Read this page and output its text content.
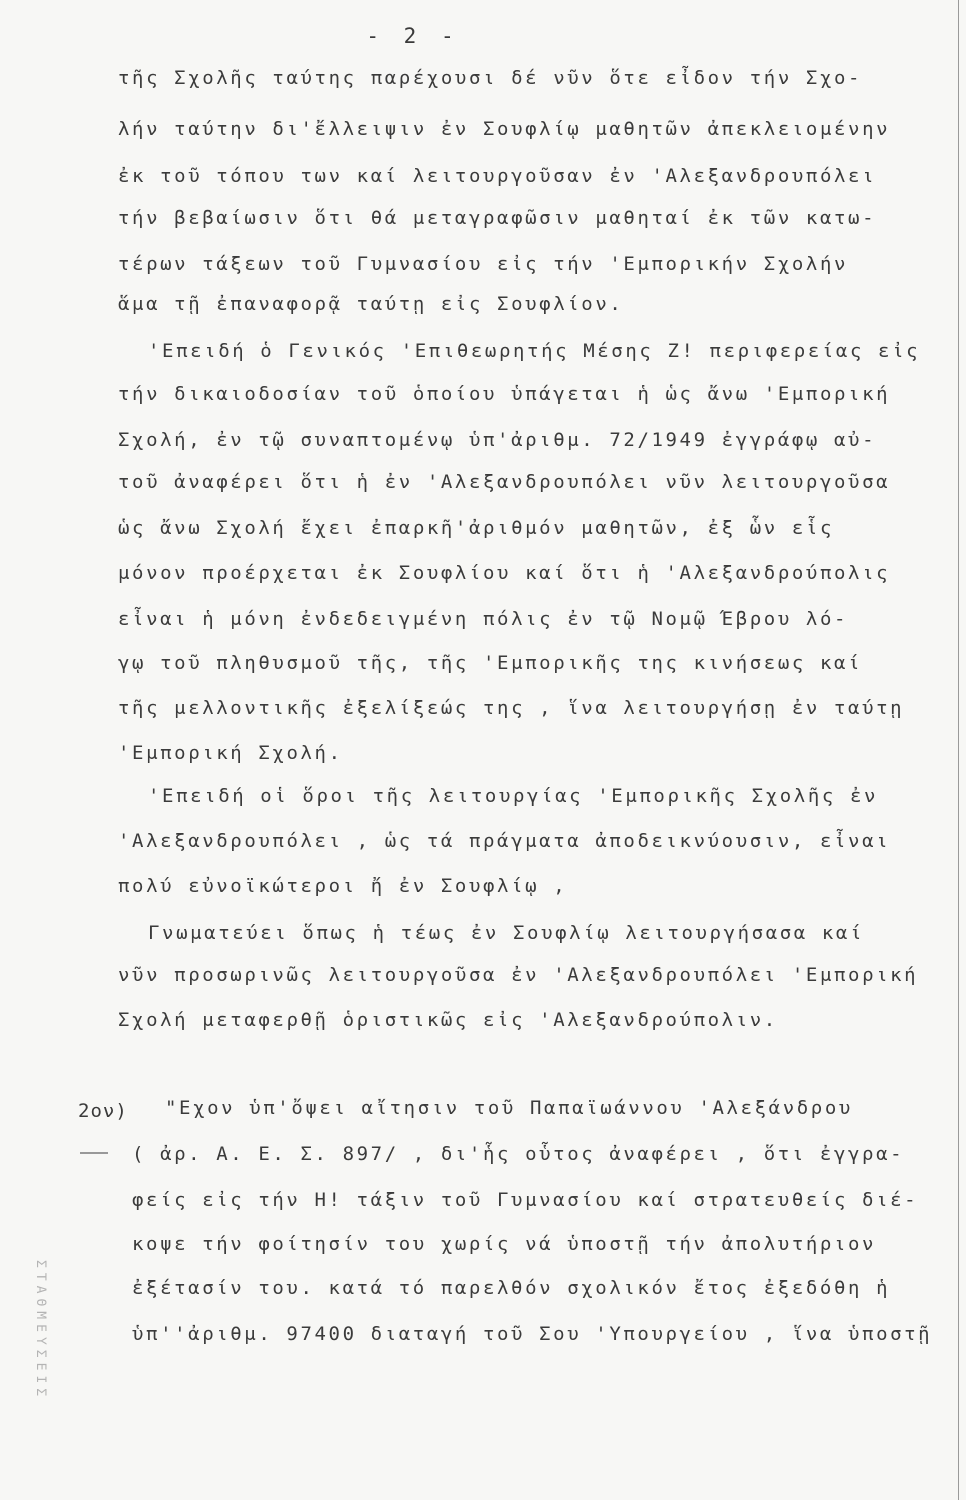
- 2 -
τῆς Σχολῆς ταύτης παρέχουσι δέ νῦν ὅτε εἶδον τήν Σχο-
λήν ταύτην δι'ἔλλειψιν ἐν Σουφλίῳ μαθητῶν ἀπεκλειομένην
ἐκ τοῦ τόπου των καί λειτουργοῦσαν ἐν 'Αλεξανδρουπόλει
τήν βεβαίωσιν ὅτι θά μεταγραφῶσιν μαθηταί ἐκ τῶν κατω-
τέρων τάξεων τοῦ Γυμνασίου εἰς τήν 'Εμπορικήν Σχολήν
ἅμα τῇ ἐπαναφορᾷ ταύτῃ εἰς Σουφλίον.
'Επειδή ὁ Γενικός 'Επιθεωρητής Μέσης Ζ! περιφερείας εἰς
τήν δικαιοδοσίαν τοῦ ὁποίου ὑπάγεται ἡ ὡς ἄνω 'Εμπορική
Σχολή, ἐν τῷ συναπτομένῳ ὑπ'ἀριθμ. 72/1949 ἐγγράφῳ αὐ-
τοῦ ἀναφέρει ὅτι ἡ ἐν 'Αλεξανδρουπόλει νῦν λειτουργοῦσα
ὡς ἄνω Σχολή ἔχει ἐπαρκῆ'ἀριθμόν μαθητῶν, ἐξ ὧν εἷς
μόνον προέρχεται ἐκ Σουφλίου καί ὅτι ἡ 'Αλεξανδρούπολις
εἶναι ἡ μόνη ἐνδεδειγμένη πόλις ἐν τῷ Νομῷ Έβρου λό-
γῳ τοῦ πληθυσμοῦ τῆς, τῆς 'Εμπορικῆς της κινήσεως καί
τῆς μελλοντικῆς ἐξελίξεώς της , ἵνα λειτουργήσῃ ἐν ταύτῃ
'Εμπορική Σχολή.
'Επειδή οἱ ὅροι τῆς λειτουργίας 'Εμπορικῆς Σχολῆς ἐν
'Αλεξανδρουπόλει , ὡς τά πράγματα ἀποδεικνύουσιν, εἶναι
πολύ εὐνοϊκώτεροι ἤ ἐν Σουφλίῳ ,
Γνωματεύει ὅπως ἡ τέως ἐν Σουφλίῳ λειτουργήσασα καί
νῦν προσωρινῶς λειτουργοῦσα ἐν 'Αλεξανδρουπόλει 'Εμπορική
Σχολή μεταφερθῇ ὁριστικῶς εἰς 'Αλεξανδρούπολιν.
2ον) "Εχον ὑπ'ὄψει αἴτησιν τοῦ Παπαϊωάννου 'Αλεξάνδρου
( ἀρ. Α. Ε. Σ. 897/ , δι'ἧς οὗτος ἀναφέρει , ὅτι ἐγγρα-
φείς εἰς τήν Η! τάξιν τοῦ Γυμνασίου καί στρατευθείς διέ-
κοψε τήν φοίτησίν του χωρίς νά ὑποστῇ τήν ἀπολυτήριον
ἐξέτασίν του. κατά τό παρελθόν σχολικόν ἔτος ἐξεδόθη ἡ
ὑπ''ἀριθμ. 97400 διαταγή τοῦ Σου 'Υπουργείου , ἵνα ὑποστῇ
ΣΤΑΘΜΕΥΣΕΙΣ
